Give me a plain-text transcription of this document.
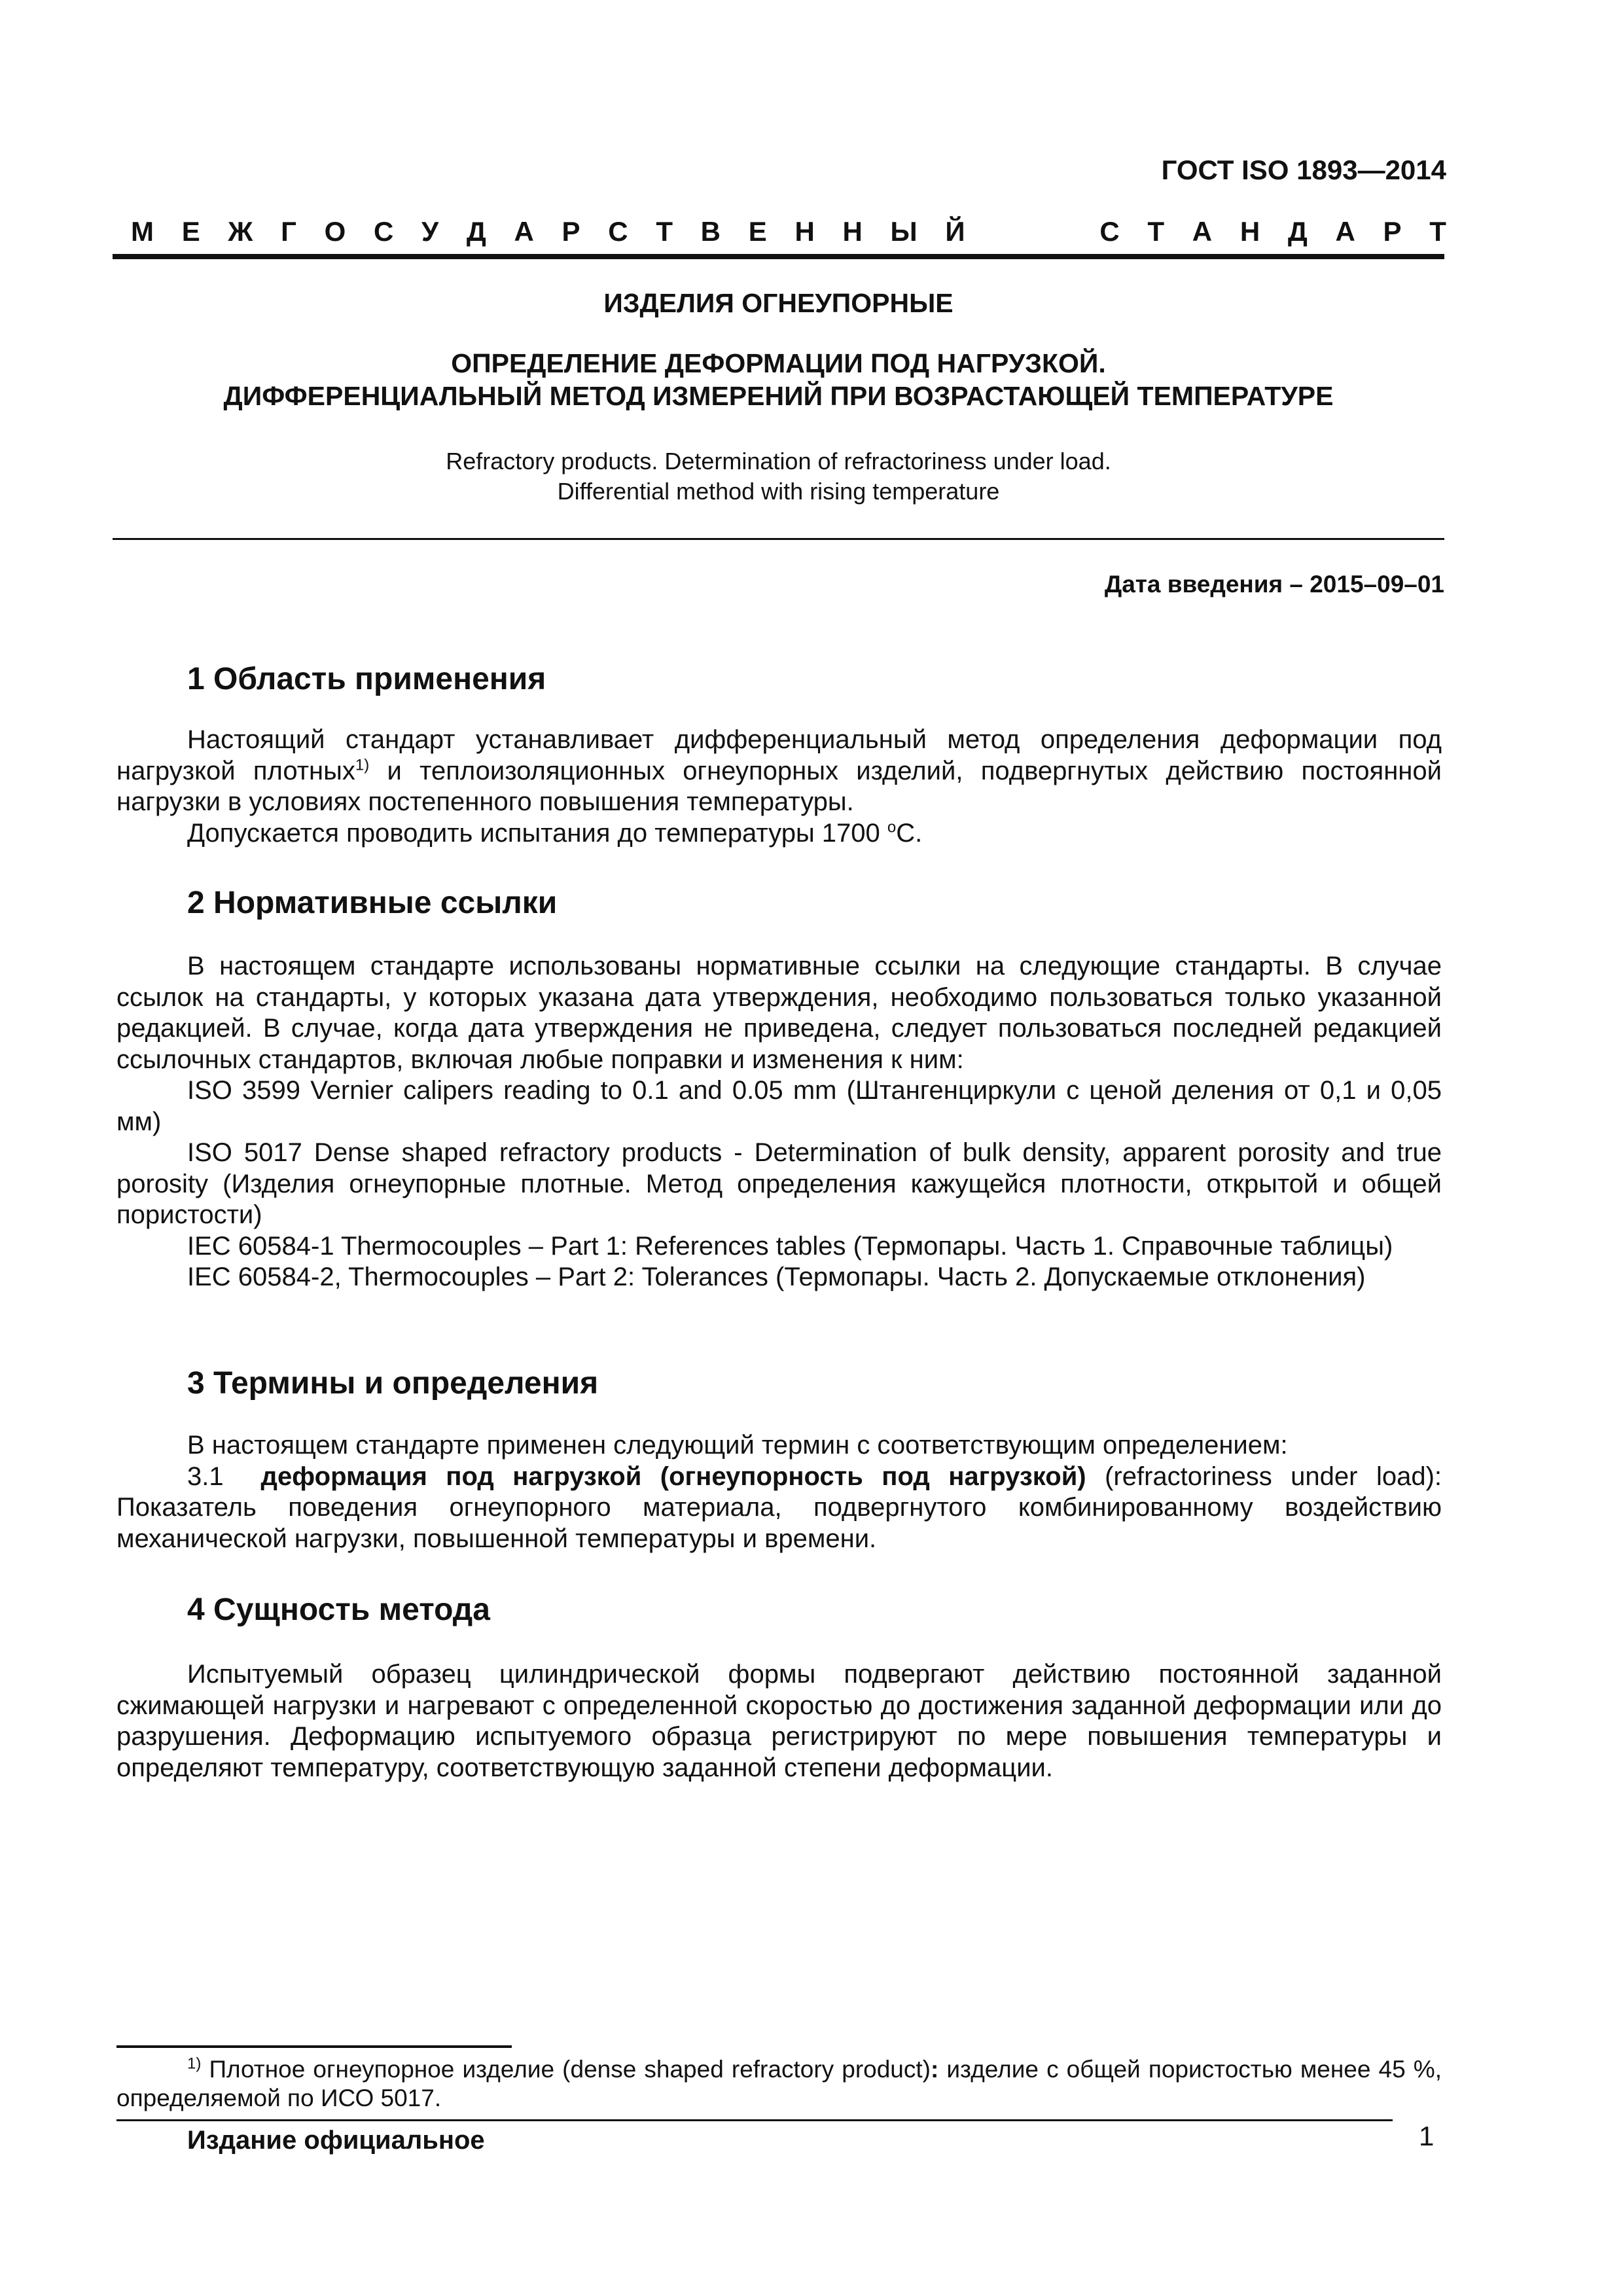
ГОСТ ISO 1893—2014
М Е Ж Г О С У Д А Р С Т В Е Н Н Ы Й

	С Т А Н Д А Р Т
ИЗДЕЛИЯ ОГНЕУПОРНЫЕ
ОПРЕДЕЛЕНИЕ ДЕФОРМАЦИИ ПОД НАГРУЗКОЙ.
ДИФФЕРЕНЦИАЛЬНЫЙ МЕТОД ИЗМЕРЕНИЙ ПРИ ВОЗРАСТАЮЩЕЙ ТЕМПЕРАТУРЕ
Refractory products. Determination of refractoriness under load. Differential method with rising temperature
Дата введения – 2015–09–01
1 Область применения

Настоящий стандарт устанавливает дифференциальный метод определения деформации под нагрузкой плотных$^{1)}$ и теплоизоляционных огнеупорных изделий, подвергнутых действию постоянной нагрузки в условиях постепенного повышения температуры.

Допускается проводить испытания до температуры 1700 $^о$С.

2 Нормативные ссылки

В настоящем стандарте использованы нормативные ссылки на следующие стандарты. В случае ссылок на стандарты, у которых указана дата утверждения, необходимо пользоваться только указанной редакцией. В случае, когда дата утверждения не приведена, следует пользоваться последней редакцией ссылочных стандартов, включая любые поправки и изменения к ним:

ISO 3599 Vernier calipers reading to 0.1 and 0.05 mm (Штангенциркули с ценой деления от 0,1 и 0,05 мм)

ISO 5017 Dense shaped refractory products - Determination of bulk density, apparent porosity and true porosity (Изделия огнеупорные плотные. Метод определения кажущейся плотности, открытой и общей пористости)

IEC 60584-1 Thermocouples – Part 1: References tables (Термопары. Часть 1. Справочные таблицы)

IEC 60584-2, Thermocouples – Part 2: Tolerances (Термопары. Часть 2. Допускаемые отклонения)

3 Термины и определения

В настоящем стандарте применен следующий термин с соответствующим определением:

3.1  деформация под нагрузкой (огнеупорность под нагрузкой) (refractoriness under load): Показатель поведения огнеупорного материала, подвергнутого комбинированному воздействию механической нагрузки, повышенной температуры и времени.

4 Сущность метода

Испытуемый образец цилиндрической формы подвергают действию постоянной заданной сжимающей нагрузки и нагревают с определенной скоростью до достижения заданной деформации или до разрушения. Деформацию испытуемого образца регистрируют по мере повышения температуры и определяют температуру, соответствующую заданной степени деформации.

$^{1)}$ Плотное огнеупорное изделие (dense shaped refractory product): изделие с общей пористостью менее 45 %, определяемой по ИСО 5017.
Издание официальное	1
